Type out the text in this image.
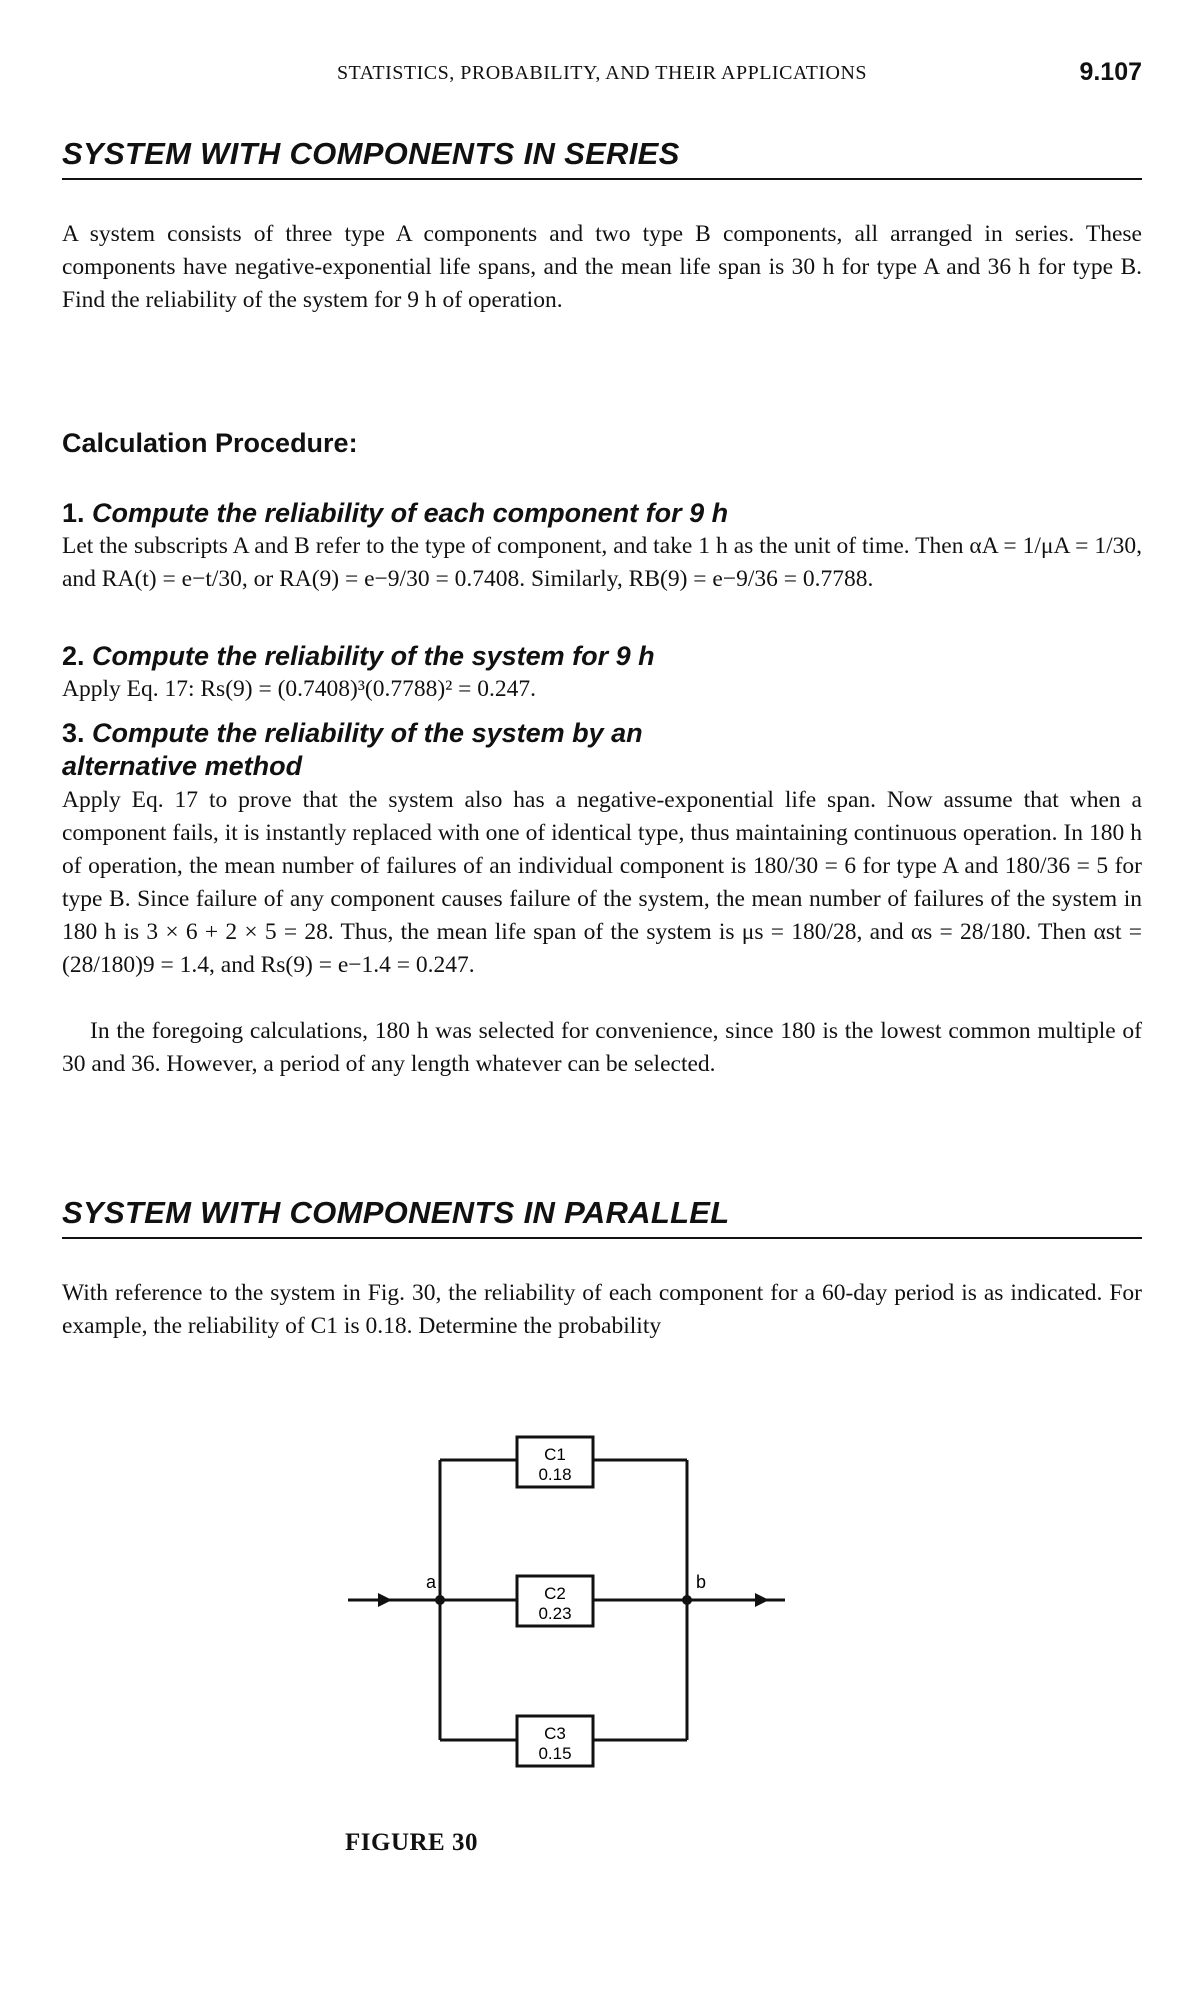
STATISTICS, PROBABILITY, AND THEIR APPLICATIONS	9.107
SYSTEM WITH COMPONENTS IN SERIES

A system consists of three type A components and two type B components, all arranged in series. These components have negative-exponential life spans, and the mean life span is 30 h for type A and 36 h for type B. Find the reliability of the system for 9 h of operation.

Calculation Procedure:
1. Compute the reliability of each component for 9 h

Let the subscripts A and B refer to the type of component, and take 1 h as the unit of time. Then αA = 1/μA = 1/30, and RA(t) = e−t/30, or RA(9) = e−9/30 = 0.7408. Similarly, RB(9) = e−9/36 = 0.7788.

2. Compute the reliability of the system for 9 h

Apply Eq. 17: Rs(9) = (0.7408)³(0.7788)² = 0.247.

3. Compute the reliability of the system by an alternative method

Apply Eq. 17 to prove that the system also has a negative-exponential life span. Now assume that when a component fails, it is instantly replaced with one of identical type, thus maintaining continuous operation. In 180 h of operation, the mean number of failures of an individual component is 180/30 = 6 for type A and 180/36 = 5 for type B. Since failure of any component causes failure of the system, the mean number of failures of the system in 180 h is 3 × 6 + 2 × 5 = 28. Thus, the mean life span of the system is μs = 180/28, and αs = 28/180. Then αst = (28/180)9 = 1.4, and Rs(9) = e−1.4 = 0.247.

In the foregoing calculations, 180 h was selected for convenience, since 180 is the lowest common multiple of 30 and 36. However, a period of any length whatever can be selected.

SYSTEM WITH COMPONENTS IN PARALLEL

With reference to the system in Fig. 30, the reliability of each component for a 60-day period is as indicated. For example, the reliability of C1 is 0.18. Determine the probability

a	b
C1
0.18
C2
0.23
C3
0.15
FIGURE 30
